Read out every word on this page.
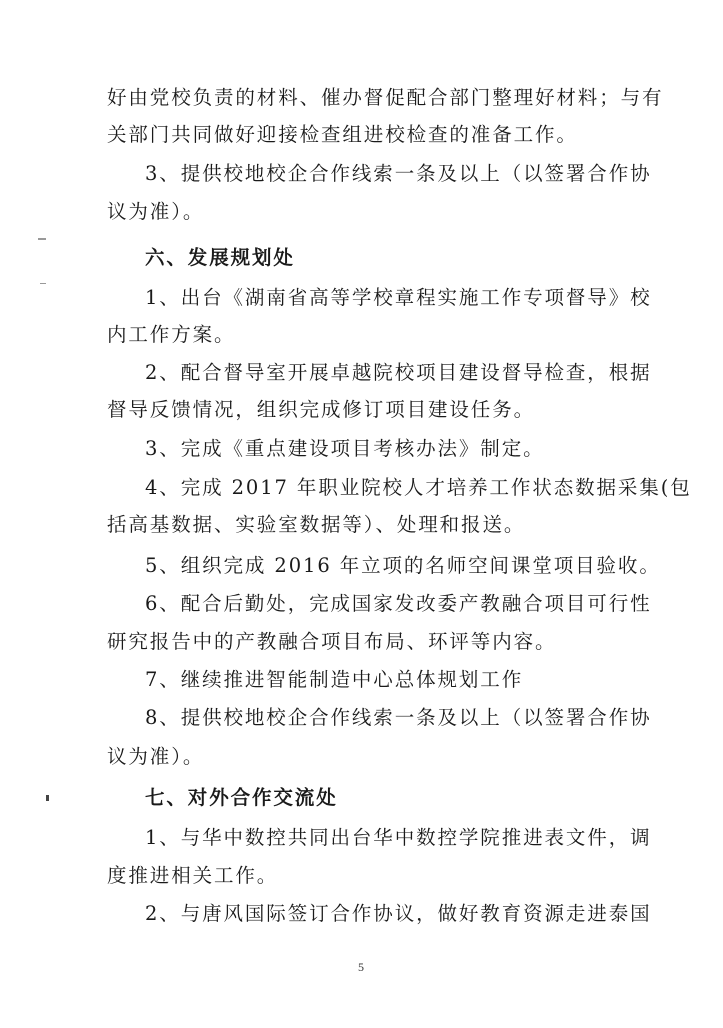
好由党校负责的材料、催办督促配合部门整理好材料；与有
关部门共同做好迎接检查组进校检查的准备工作。
3、提供校地校企合作线索一条及以上（以签署合作协
议为准）。
六、发展规划处
1、出台《湖南省高等学校章程实施工作专项督导》校
内工作方案。
2、配合督导室开展卓越院校项目建设督导检查，根据
督导反馈情况，组织完成修订项目建设任务。
3、完成《重点建设项目考核办法》制定。
4、完成 2017 年职业院校人才培养工作状态数据采集(包
括高基数据、实验室数据等）、处理和报送。
5、组织完成 2016 年立项的名师空间课堂项目验收。
6、配合后勤处，完成国家发改委产教融合项目可行性
研究报告中的产教融合项目布局、环评等内容。
7、继续推进智能制造中心总体规划工作
8、提供校地校企合作线索一条及以上（以签署合作协
议为准）。
七、对外合作交流处
1、与华中数控共同出台华中数控学院推进表文件，调
度推进相关工作。
2、与唐风国际签订合作协议，做好教育资源走进泰国
5
